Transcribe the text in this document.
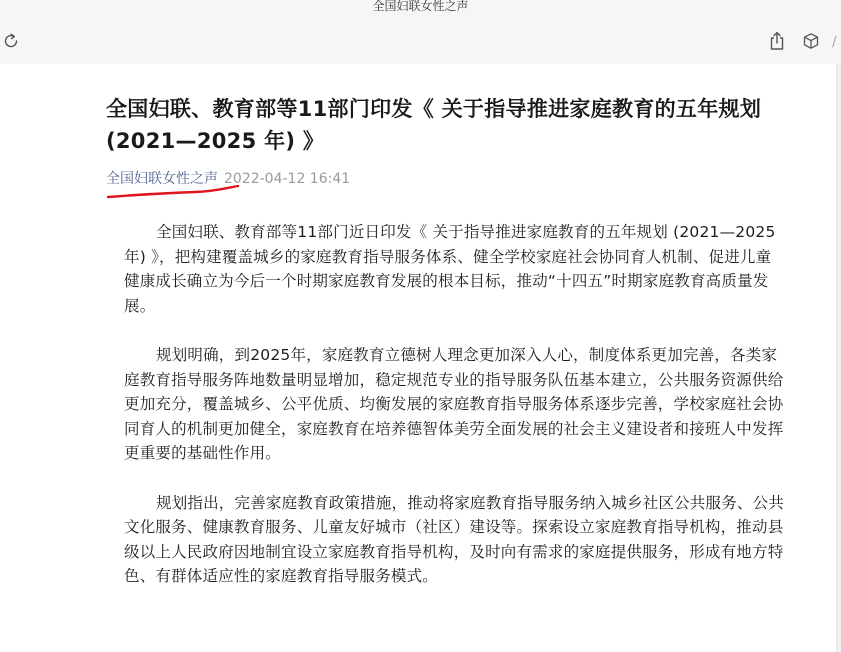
全国妇联女性之声
/
全国妇联、教育部等11部门印发《 关于指导推进家庭教育的五年规划 (2021—2025 年) 》
全国妇联女性之声 2022-04-12 16:41

全国妇联、教育部等11部门近日印发《 关于指导推进家庭教育的五年规划 (2021—2025 年) 》，把构建覆盖城乡的家庭教育指导服务体系、健全学校家庭社会协同育人机制、促进儿童健康成长确立为今后一个时期家庭教育发展的根本目标，推动“十四五”时期家庭教育高质量发展。

规划明确，到2025年，家庭教育立德树人理念更加深入人心，制度体系更加完善，各类家庭教育指导服务阵地数量明显增加，稳定规范专业的指导服务队伍基本建立，公共服务资源供给更加充分，覆盖城乡、公平优质、均衡发展的家庭教育指导服务体系逐步完善，学校家庭社会协同育人的机制更加健全，家庭教育在培养德智体美劳全面发展的社会主义建设者和接班人中发挥更重要的基础性作用。

规划指出，完善家庭教育政策措施，推动将家庭教育指导服务纳入城乡社区公共服务、公共文化服务、健康教育服务、儿童友好城市（社区）建设等。探索设立家庭教育指导机构，推动县级以上人民政府因地制宜设立家庭教育指导机构，及时向有需求的家庭提供服务，形成有地方特色、有群体适应性的家庭教育指导服务模式。
